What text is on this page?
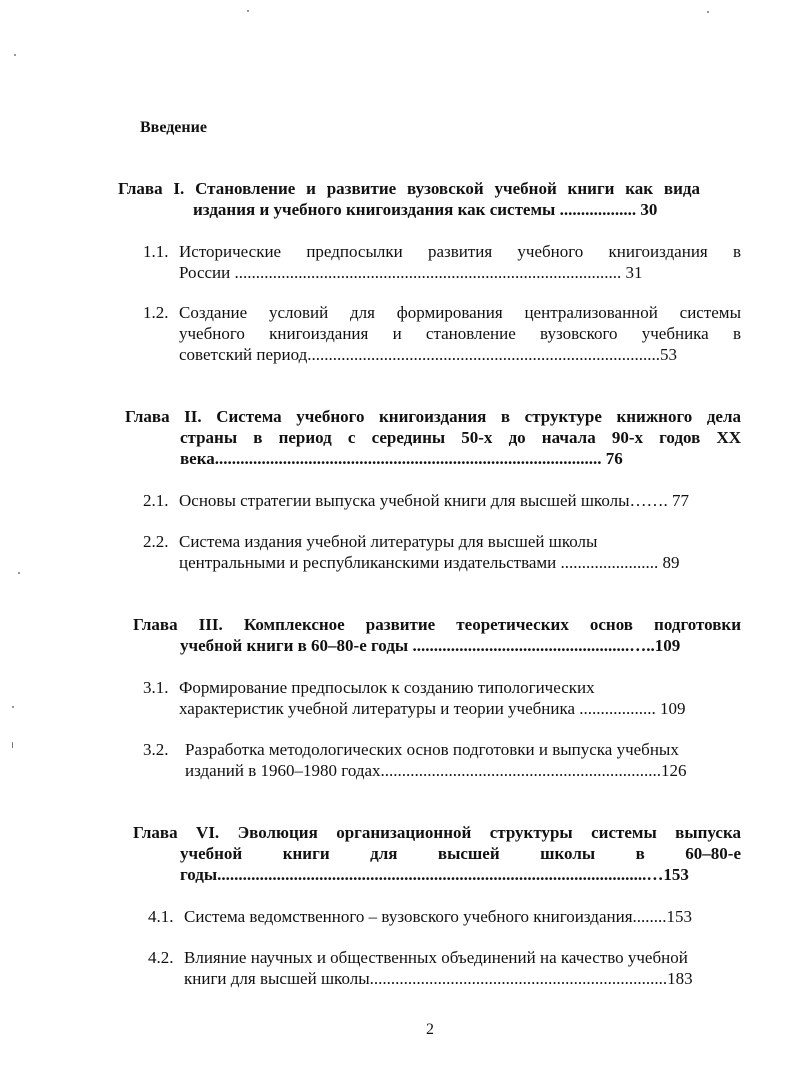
Введение
Глава I. Становление и развитие вузовской учебной книги как вида
издания и учебного книгоиздания как системы .................. 30
1.1. Исторические предпосылки развития учебного книгоиздания в
России ........................................................................................... 31
1.2. Создание условий для формирования централизованной системы
учебного книгоиздания и становление вузовского учебника в
советский период...................................................................................53
Глава II. Система учебного книгоиздания в структуре книжного дела
страны в период с середины 50-х до начала 90-х годов XX
века........................................................................................... 76
2.1. Основы стратегии выпуска учебной книги для высшей школы……. 77
2.2. Система издания учебной литературы для высшей школы
центральными и республиканскими издательствами ....................... 89
Глава III. Комплексное развитие теоретических основ подготовки
учебной книги в 60–80-е годы ...................................................…..109
3.1. Формирование предпосылок к созданию типологических
характеристик учебной литературы и теории учебника .................. 109
3.2. Разработка методологических основ подготовки и выпуска учебных
изданий в 1960–1980 годах..................................................................126
Глава VI. Эволюция организационной структуры системы выпуска
учебной книги для высшей школы в 60–80-е
годы.....................................................................................................…153
4.1. Система ведомственного – вузовского учебного книгоиздания........153
4.2. Влияние научных и общественных объединений на качество учебной
книги для высшей школы......................................................................183
2
